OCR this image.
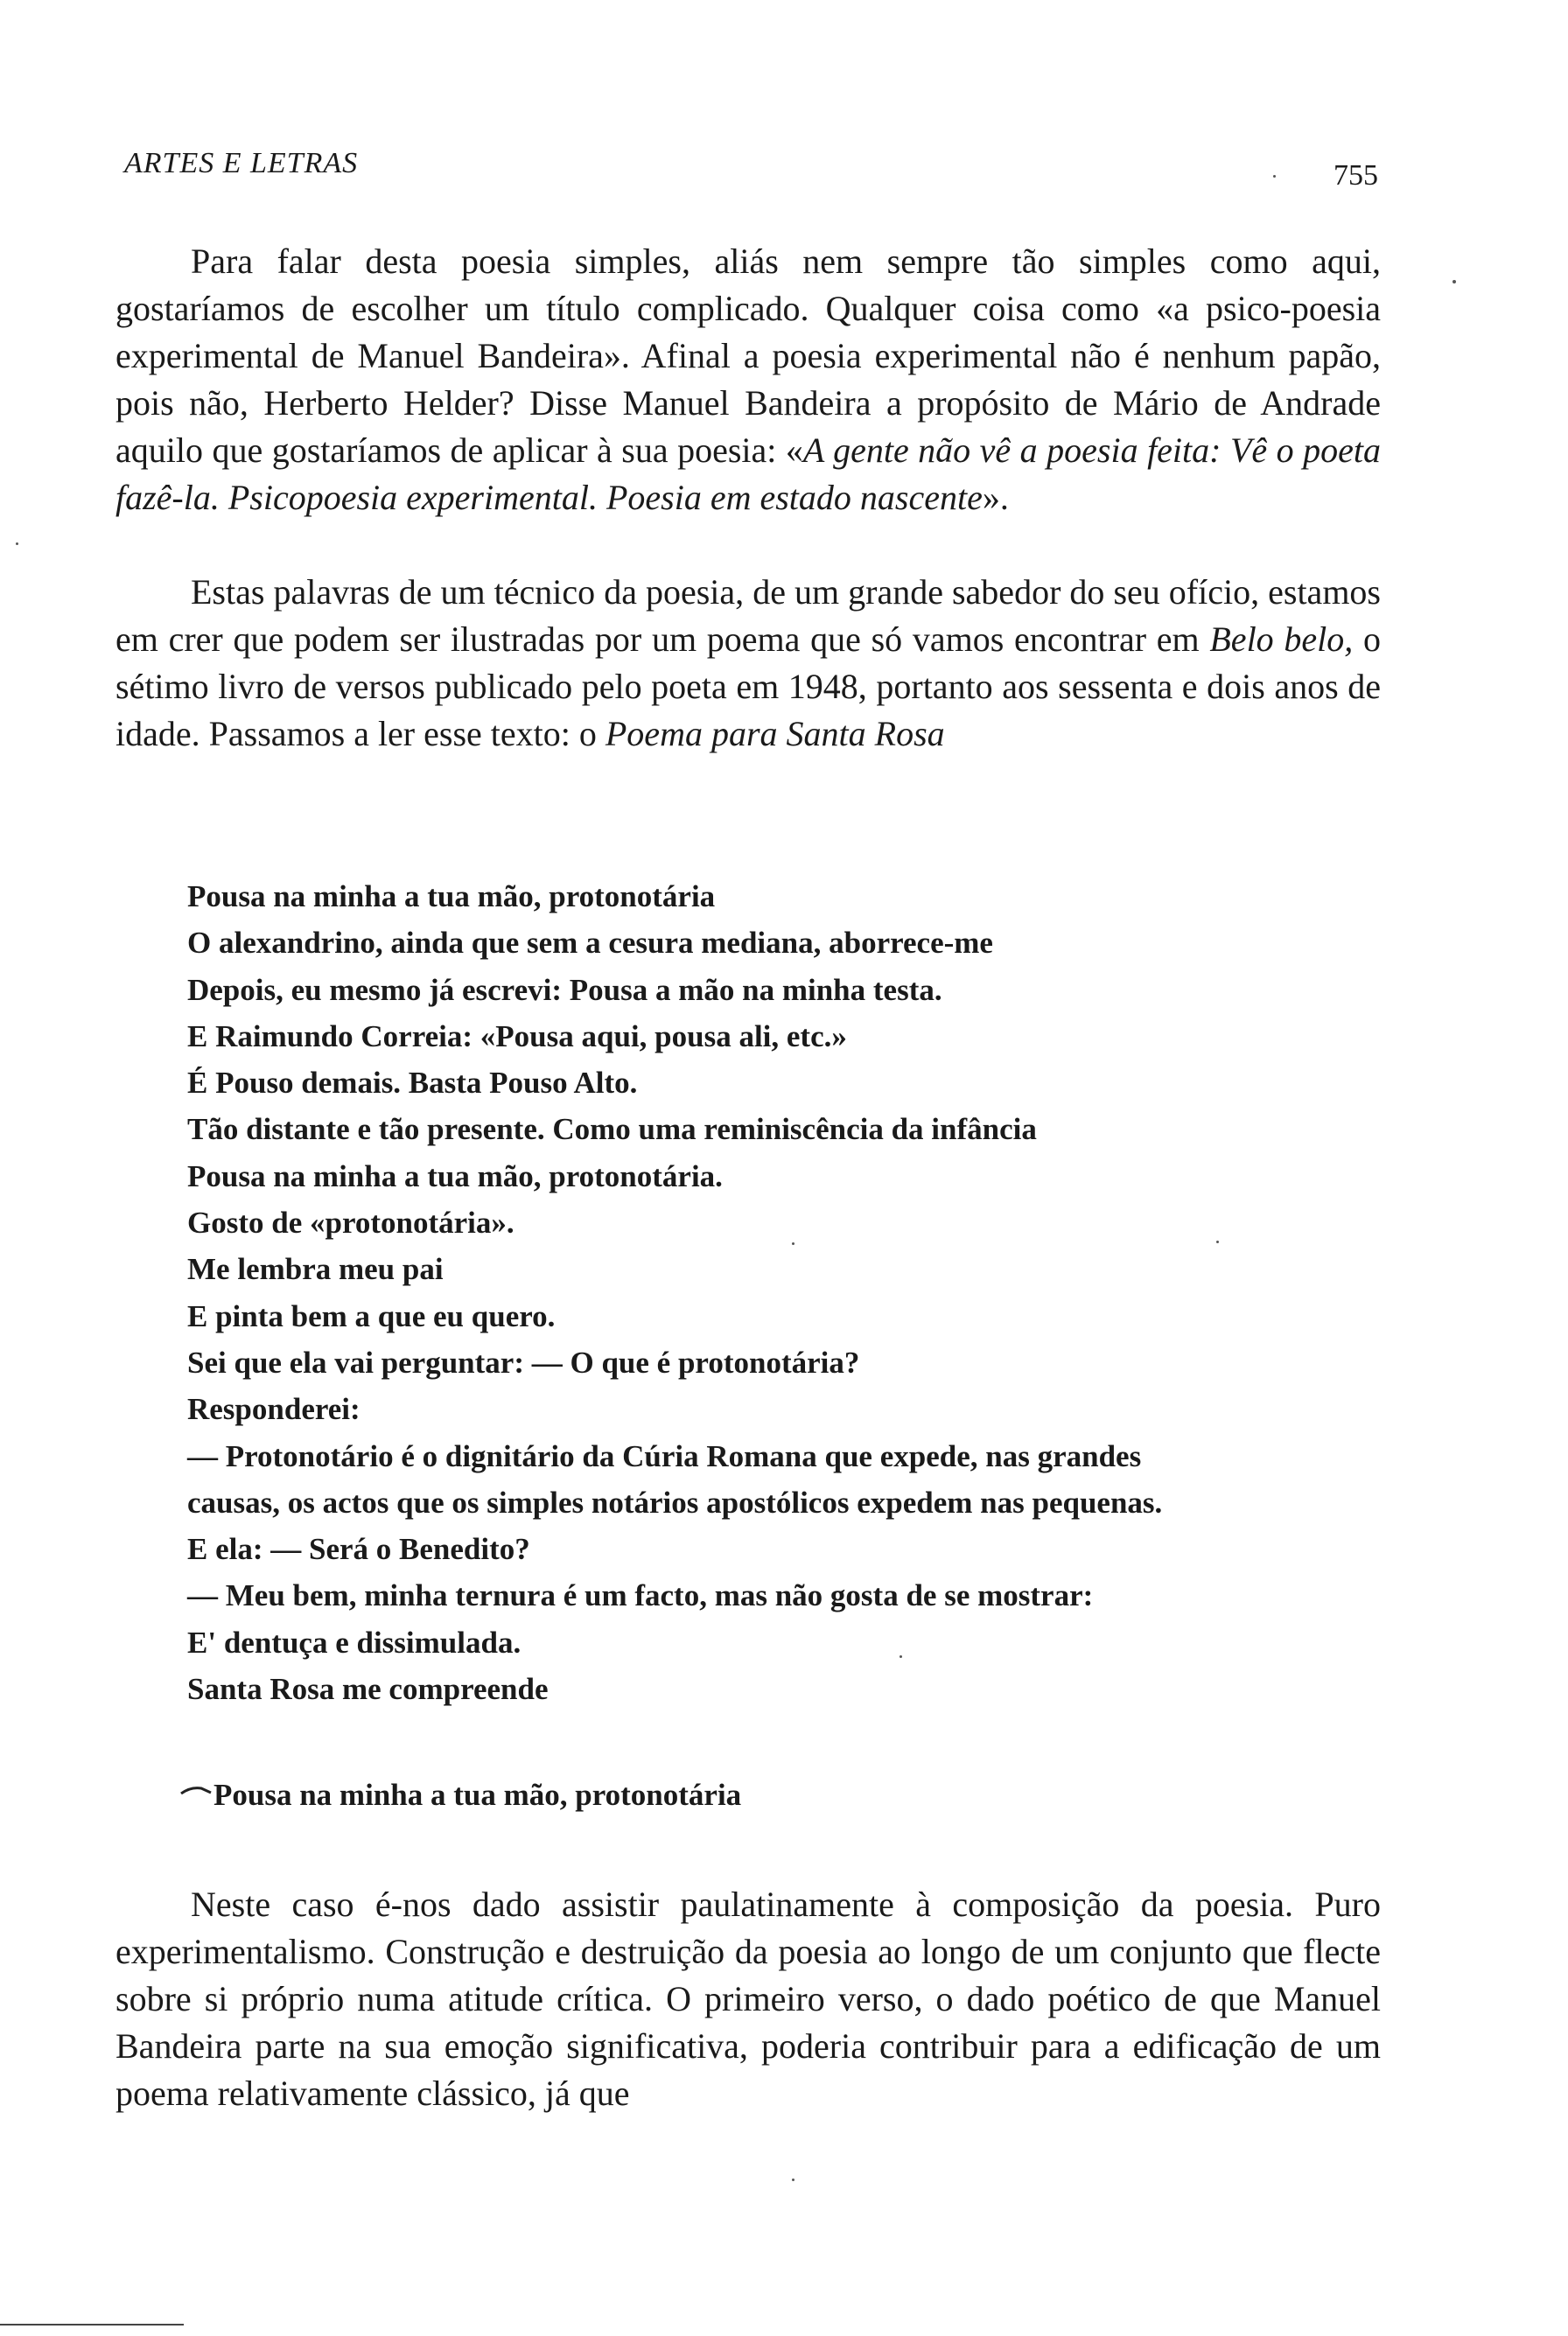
ARTES E LETRAS	755

Para falar desta poesia simples, aliás nem sempre tão simples como aqui, gostaríamos de escolher um título complicado. Qualquer coisa como «a psico-poesia experimental de Manuel Bandeira». Afinal a poesia experimental não é nenhum papão, pois não, Herberto Helder? Disse Manuel Bandeira a propósito de Mário de Andrade aquilo que gostaríamos de aplicar à sua poesia: «A gente não vê a poesia feita: Vê o poeta fazê-la. Psicopoesia experimental. Poesia em estado nascente».

Estas palavras de um técnico da poesia, de um grande sabedor do seu ofício, estamos em crer que podem ser ilustradas por um poema que só vamos encontrar em Belo belo, o sétimo livro de versos publicado pelo poeta em 1948, portanto aos sessenta e dois anos de idade. Passamos a ler esse texto: o Poema para Santa Rosa

Pousa na minha a tua mão, protonotária
O alexandrino, ainda que sem a cesura mediana, aborrece-me
Depois, eu mesmo já escrevi: Pousa a mão na minha testa.
E Raimundo Correia: «Pousa aqui, pousa ali, etc.»
É Pouso demais. Basta Pouso Alto.
Tão distante e tão presente. Como uma reminiscência da infância
Pousa na minha a tua mão, protonotária.
Gosto de «protonotária».
Me lembra meu pai
E pinta bem a que eu quero.
Sei que ela vai perguntar: — O que é protonotária?
Responderei:
— Protonotário é o dignitário da Cúria Romana que expede, nas grandes
causas, os actos que os simples notários apostólicos expedem nas pequenas.
E ela: — Será o Benedito?
— Meu bem, minha ternura é um facto, mas não gosta de se mostrar:
E' dentuça e dissimulada.
Santa Rosa me compreende
Pousa na minha a tua mão, protonotária

Neste caso é-nos dado assistir paulatinamente à composição da poesia. Puro experimentalismo. Construção e destruição da poesia ao longo de um conjunto que flecte sobre si próprio numa atitude crítica. O primeiro verso, o dado poético de que Manuel Bandeira parte na sua emoção significativa, poderia contribuir para a edificação de um poema relativamente clássico, já que
